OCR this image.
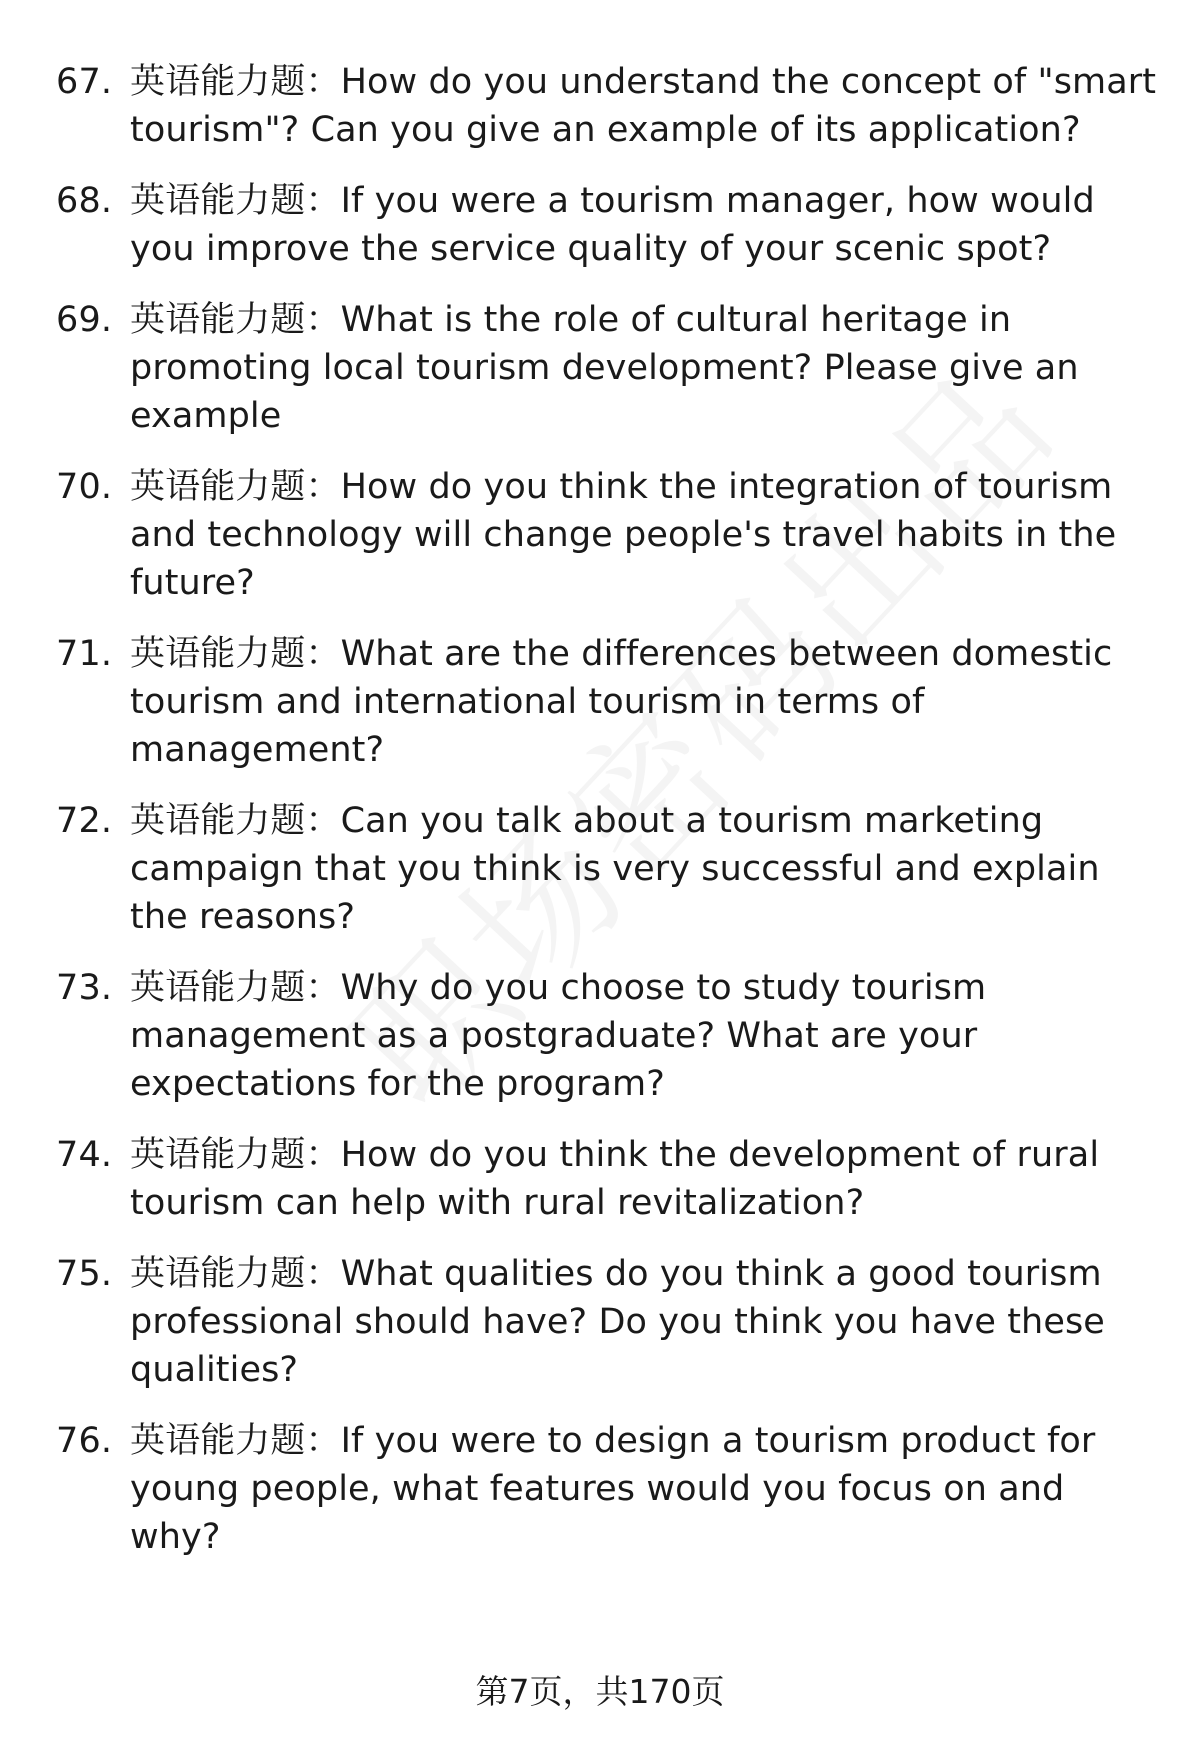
67. 英语能力题：How do you understand the concept of "smart tourism"? Can you give an example of its application?
68. 英语能力题：If you were a tourism manager, how would you improve the service quality of your scenic spot?
69. 英语能力题：What is the role of cultural heritage in promoting local tourism development? Please give an example
70. 英语能力题：How do you think the integration of tourism and technology will change people's travel habits in the future?
71. 英语能力题：What are the differences between domestic tourism and international tourism in terms of management?
72. 英语能力题：Can you talk about a tourism marketing campaign that you think is very successful and explain the reasons?
73. 英语能力题：Why do you choose to study tourism management as a postgraduate? What are your expectations for the program?
74. 英语能力题：How do you think the development of rural tourism can help with rural revitalization?
75. 英语能力题：What qualities do you think a good tourism professional should have? Do you think you have these qualities?
76. 英语能力题：If you were to design a tourism product for young people, what features would you focus on and why?
第7页，共170页
